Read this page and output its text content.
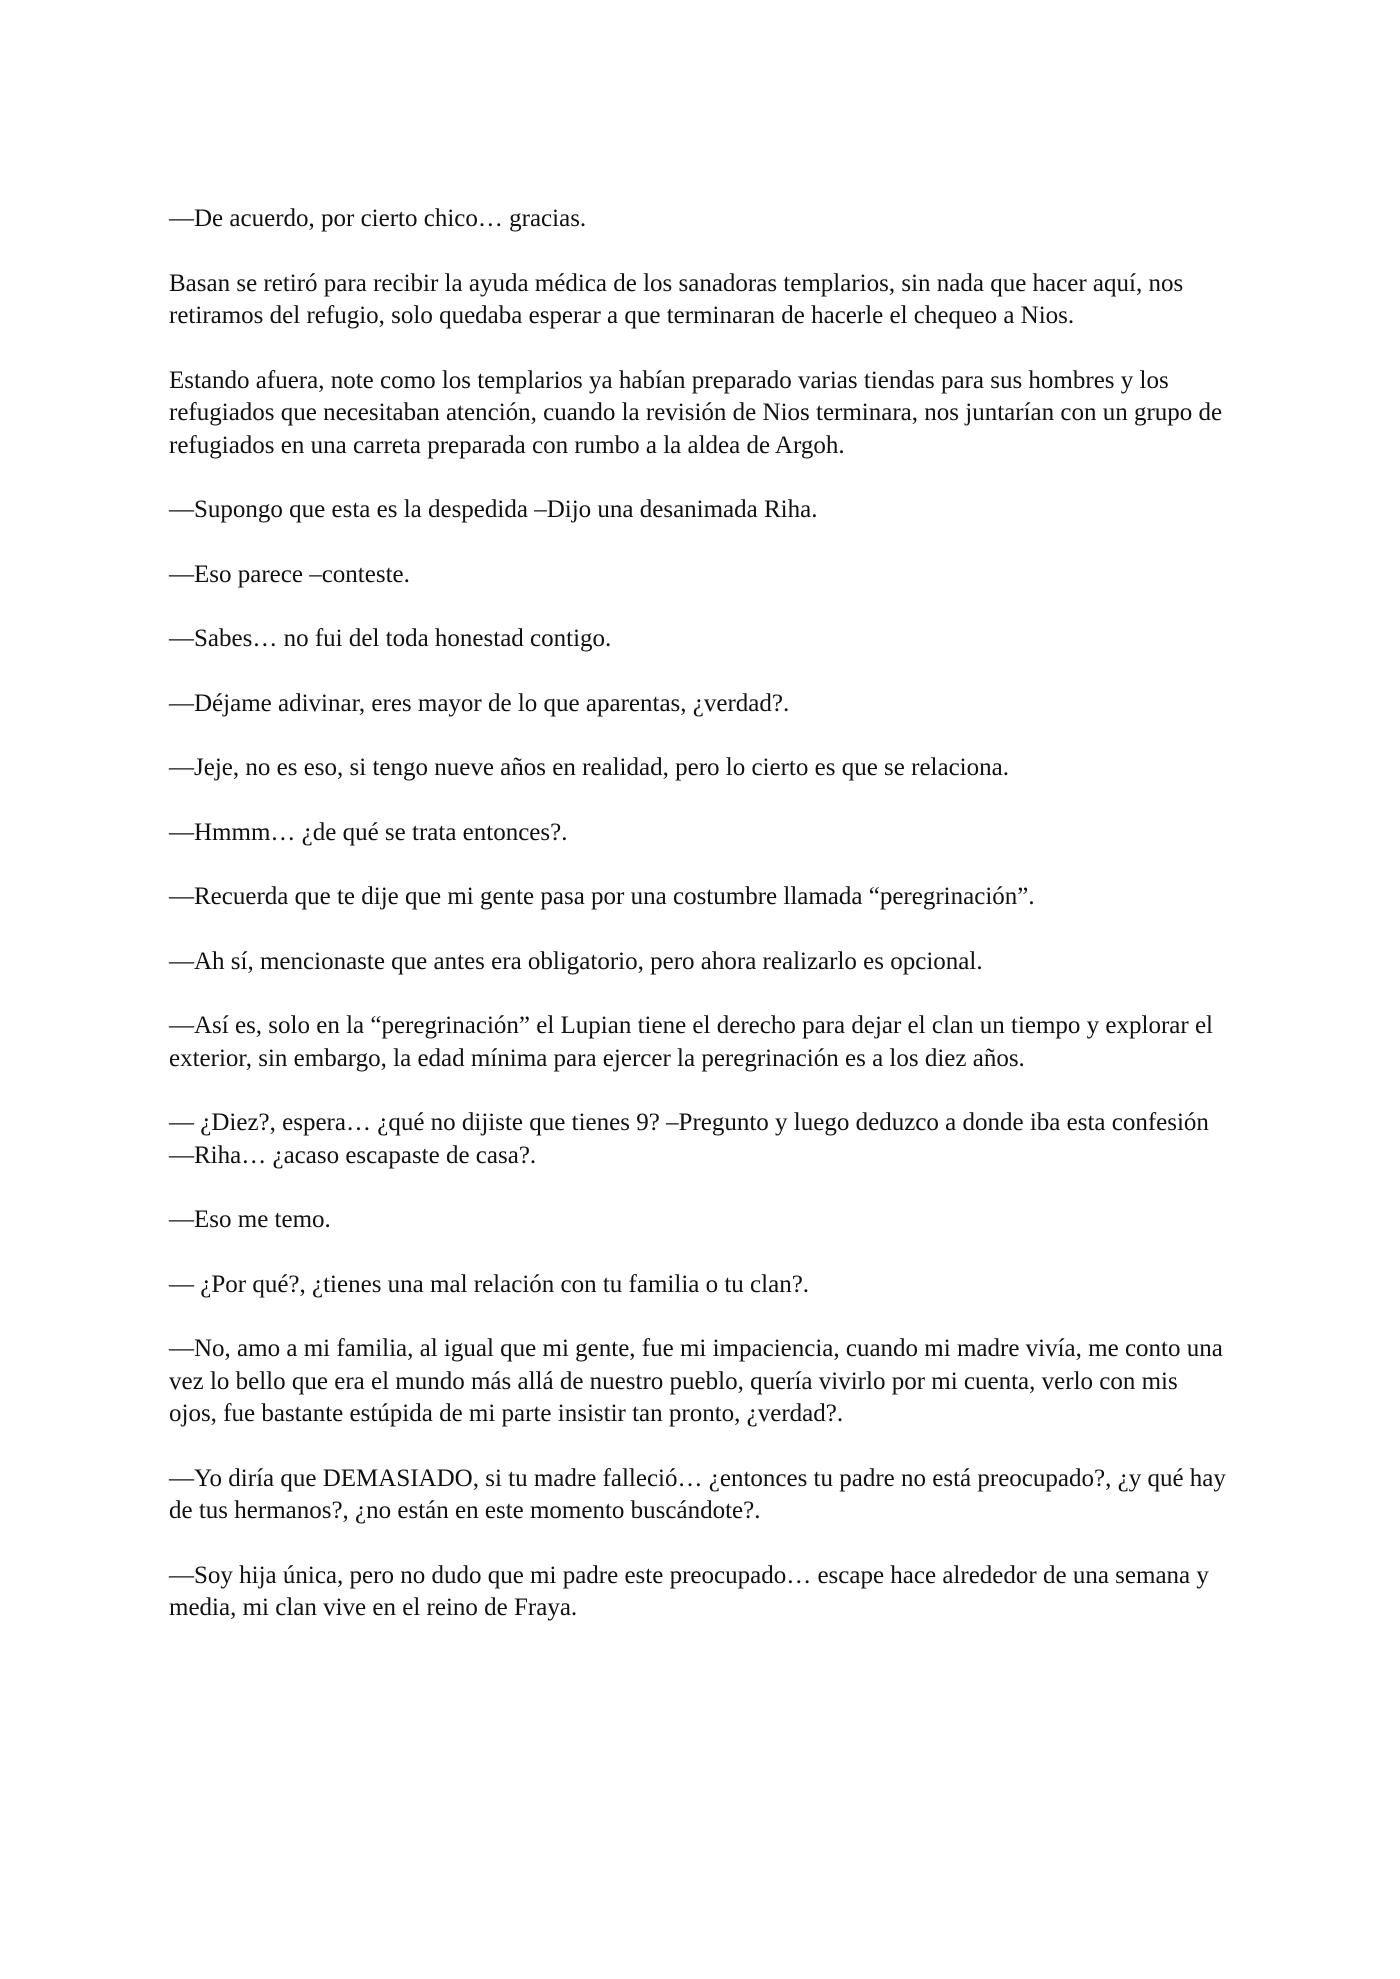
—De acuerdo, por cierto chico… gracias.

Basan se retiró para recibir la ayuda médica de los sanadoras templarios, sin nada que hacer aquí, nos retiramos del refugio, solo quedaba esperar a que terminaran de hacerle el chequeo a Nios.

Estando afuera, note como los templarios ya habían preparado varias tiendas para sus hombres y los refugiados que necesitaban atención, cuando la revisión de Nios terminara, nos juntarían con un grupo de refugiados en una carreta preparada con rumbo a la aldea de Argoh.

—Supongo que esta es la despedida –Dijo una desanimada Riha.

—Eso parece –conteste.

—Sabes… no fui del toda honestad contigo.

—Déjame adivinar, eres mayor de lo que aparentas, ¿verdad?.

—Jeje, no es eso, si tengo nueve años en realidad, pero lo cierto es que se relaciona.

—Hmmm… ¿de qué se trata entonces?.

—Recuerda que te dije que mi gente pasa por una costumbre llamada “peregrinación”.

—Ah sí, mencionaste que antes era obligatorio, pero ahora realizarlo es opcional.

—Así es, solo en la “peregrinación” el Lupian tiene el derecho para dejar el clan un tiempo y explorar el exterior, sin embargo, la edad mínima para ejercer la peregrinación es a los diez años.

— ¿Diez?, espera… ¿qué no dijiste que tienes 9? –Pregunto y luego deduzco a donde iba esta confesión —Riha… ¿acaso escapaste de casa?.

—Eso me temo.

— ¿Por qué?, ¿tienes una mal relación con tu familia o tu clan?.

—No, amo a mi familia, al igual que mi gente, fue mi impaciencia, cuando mi madre vivía, me conto una vez lo bello que era el mundo más allá de nuestro pueblo, quería vivirlo por mi cuenta, verlo con mis ojos, fue bastante estúpida de mi parte insistir tan pronto, ¿verdad?.

—Yo diría que DEMASIADO, si tu madre falleció… ¿entonces tu padre no está preocupado?, ¿y qué hay de tus hermanos?, ¿no están en este momento buscándote?.

—Soy hija única, pero no dudo que mi padre este preocupado… escape hace alrededor de una semana y media, mi clan vive en el reino de Fraya.
